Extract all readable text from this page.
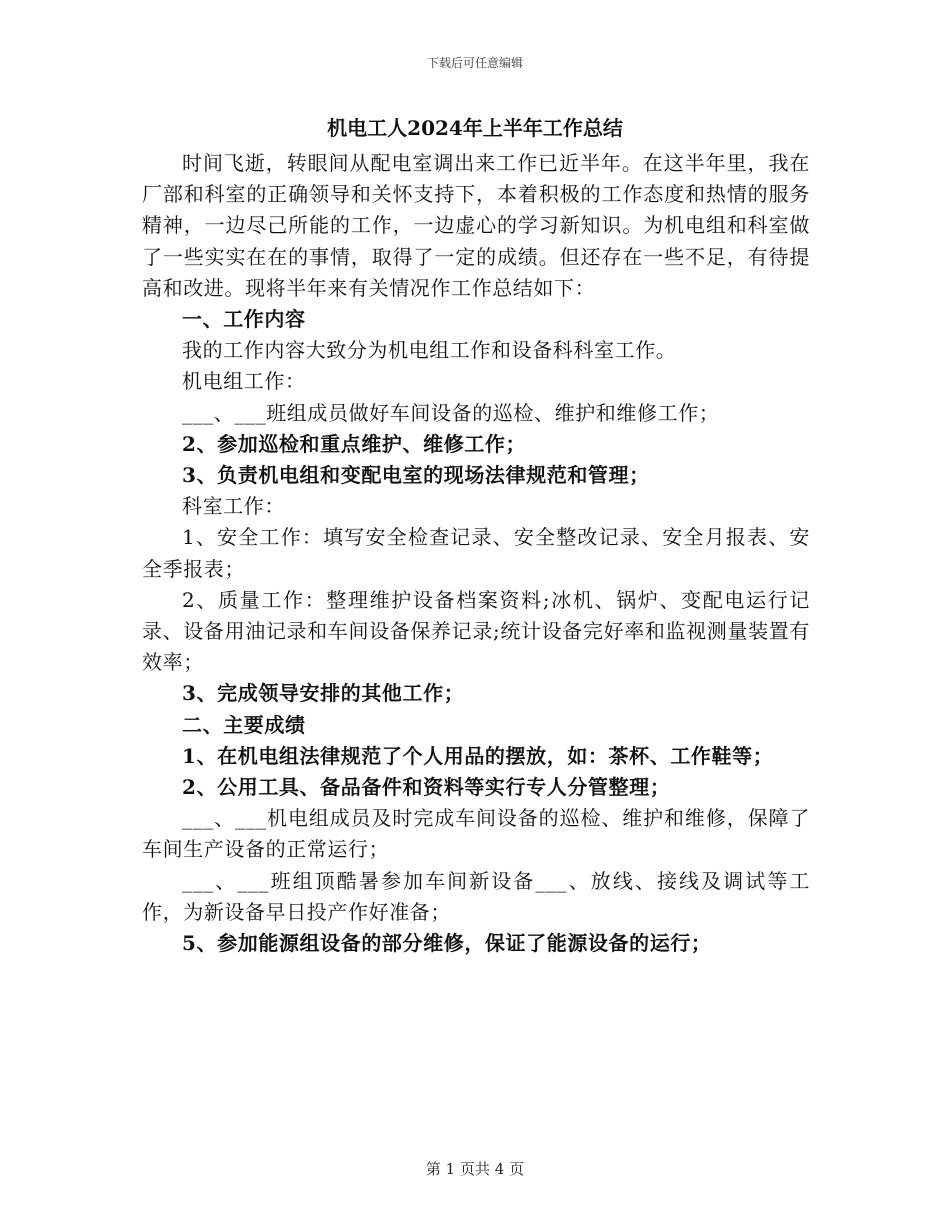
下载后可任意编辑
机电工人2024年上半年工作总结

时间飞逝，转眼间从配电室调出来工作已近半年。在这半年里，我在厂部和科室的正确领导和关怀支持下，本着积极的工作态度和热情的服务精神，一边尽己所能的工作，一边虚心的学习新知识。为机电组和科室做了一些实实在在的事情，取得了一定的成绩。但还存在一些不足，有待提高和改进。现将半年来有关情况作工作总结如下：

一、工作内容

我的工作内容大致分为机电组工作和设备科科室工作。

机电组工作：

___、___班组成员做好车间设备的巡检、维护和维修工作；

2、参加巡检和重点维护、维修工作；

3、负责机电组和变配电室的现场法律规范和管理；

科室工作：

1、安全工作：填写安全检查记录、安全整改记录、安全月报表、安全季报表；

2、质量工作：整理维护设备档案资料;冰机、锅炉、变配电运行记录、设备用油记录和车间设备保养记录;统计设备完好率和监视测量装置有效率；

3、完成领导安排的其他工作；

二、主要成绩

1、在机电组法律规范了个人用品的摆放，如：茶杯、工作鞋等；

2、公用工具、备品备件和资料等实行专人分管整理；

___、___机电组成员及时完成车间设备的巡检、维护和维修，保障了车间生产设备的正常运行；

___、___班组顶酷暑参加车间新设备___、放线、接线及调试等工作，为新设备早日投产作好准备；

5、参加能源组设备的部分维修，保证了能源设备的运行；

第 1 页共 4 页
